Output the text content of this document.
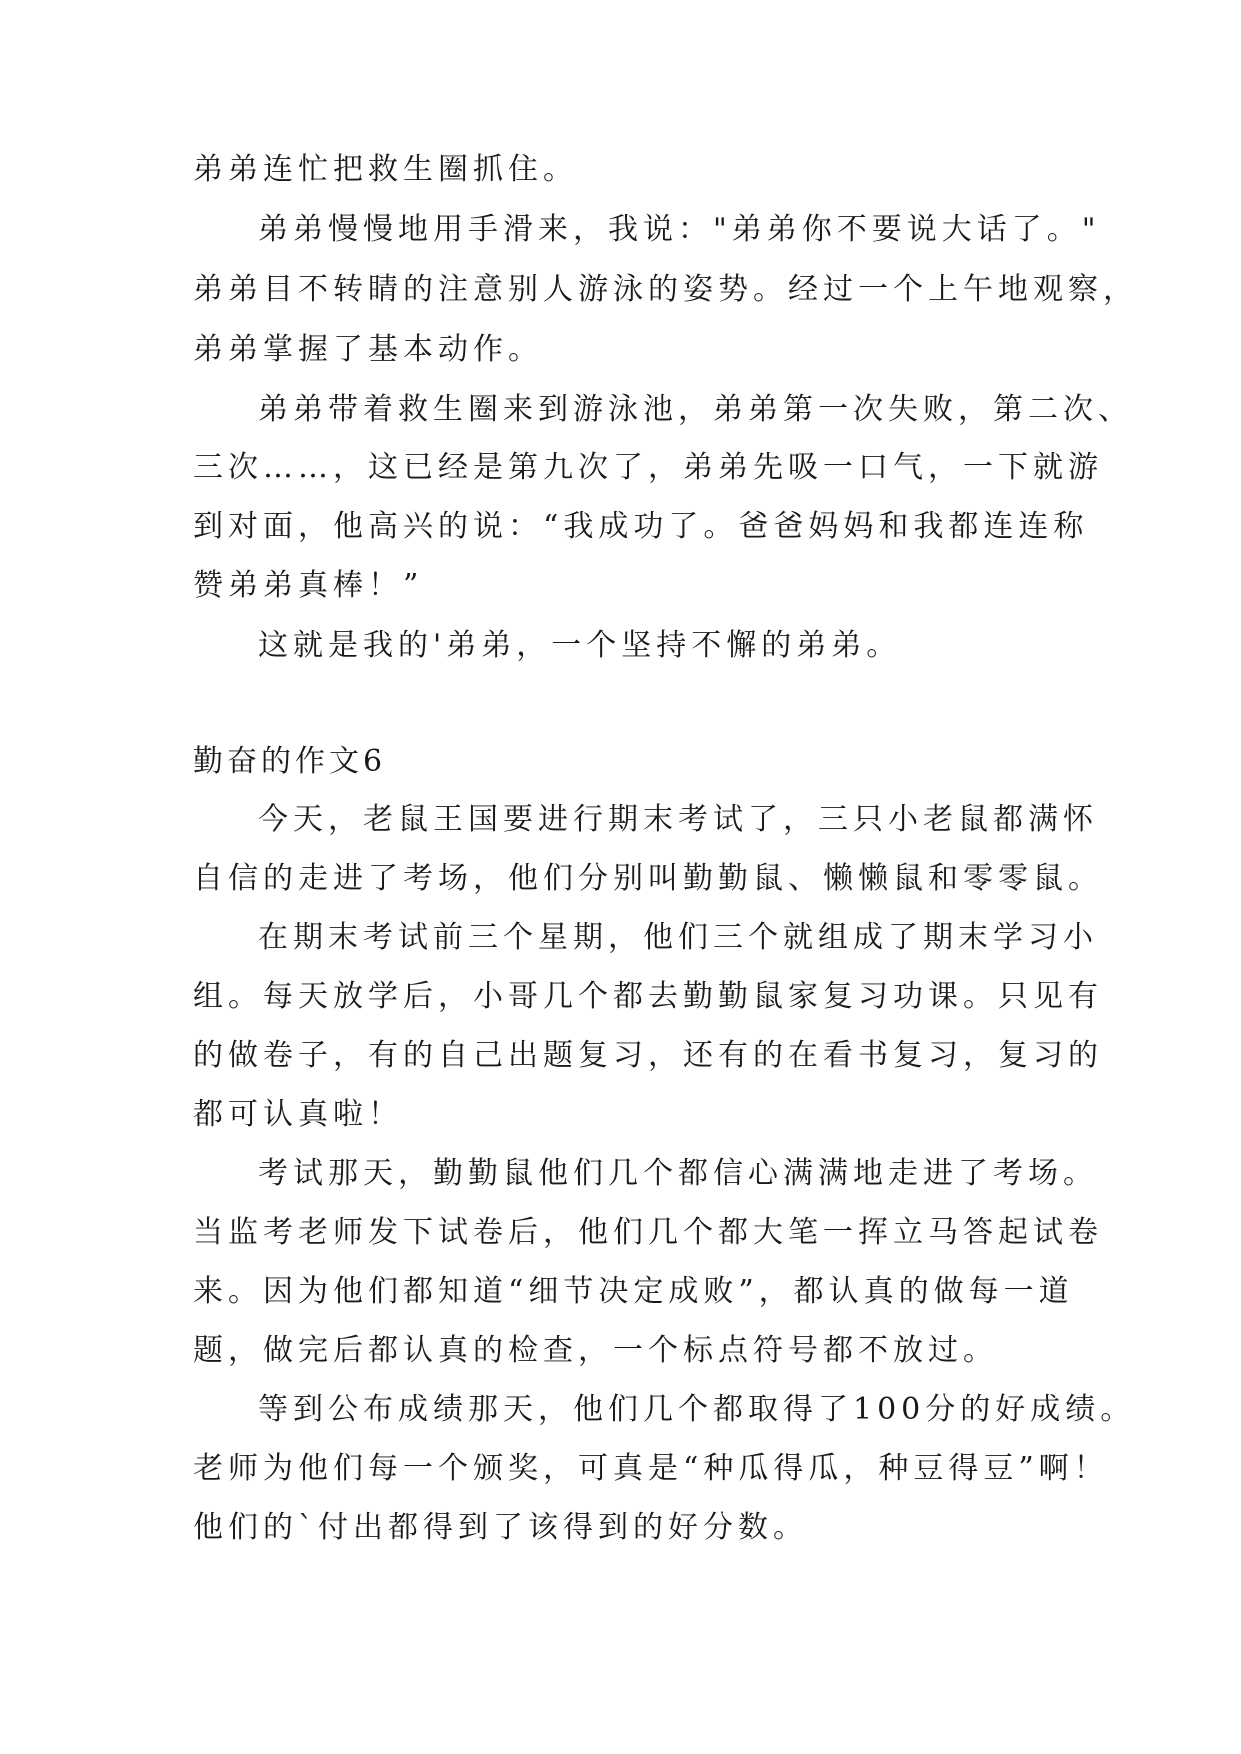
弟弟连忙把救生圈抓住。
弟弟慢慢地用手滑来，我说："弟弟你不要说大话了。"
弟弟目不转睛的注意别人游泳的姿势。经过一个上午地观察，
弟弟掌握了基本动作。
弟弟带着救生圈来到游泳池，弟弟第一次失败，第二次、
三次……，这已经是第九次了，弟弟先吸一口气，一下就游
到对面，他高兴的说：“我成功了。爸爸妈妈和我都连连称
赞弟弟真棒！”
这就是我的'弟弟，一个坚持不懈的弟弟。
勤奋的作文6
今天，老鼠王国要进行期末考试了，三只小老鼠都满怀
自信的走进了考场，他们分别叫勤勤鼠、懒懒鼠和零零鼠。
在期末考试前三个星期，他们三个就组成了期末学习小
组。每天放学后，小哥几个都去勤勤鼠家复习功课。只见有
的做卷子，有的自己出题复习，还有的在看书复习，复习的
都可认真啦！
考试那天，勤勤鼠他们几个都信心满满地走进了考场。
当监考老师发下试卷后，他们几个都大笔一挥立马答起试卷
来。因为他们都知道“细节决定成败”，都认真的做每一道
题，做完后都认真的检查，一个标点符号都不放过。
等到公布成绩那天，他们几个都取得了100分的好成绩。
老师为他们每一个颁奖，可真是“种瓜得瓜，种豆得豆”啊！
他们的`付出都得到了该得到的好分数。
